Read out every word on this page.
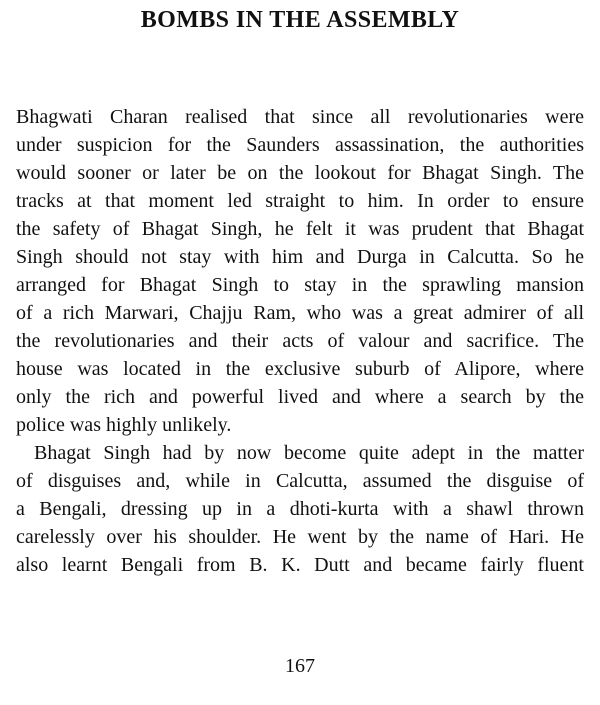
BOMBS IN THE ASSEMBLY
Bhagwati Charan realised that since all revolutionaries were
under suspicion for the Saunders assassination, the authorities
would sooner or later be on the lookout for Bhagat Singh. The
tracks at that moment led straight to him. In order to ensure
the safety of Bhagat Singh, he felt it was prudent that Bhagat
Singh should not stay with him and Durga in Calcutta. So he
arranged for Bhagat Singh to stay in the sprawling mansion
of a rich Marwari, Chajju Ram, who was a great admirer of all
the revolutionaries and their acts of valour and sacrifice. The
house was located in the exclusive suburb of Alipore, where
only the rich and powerful lived and where a search by the
police was highly unlikely.
Bhagat Singh had by now become quite adept in the matter
of disguises and, while in Calcutta, assumed the disguise of
a Bengali, dressing up in a dhoti-kurta with a shawl thrown
carelessly over his shoulder. He went by the name of Hari. He
also learnt Bengali from B. K. Dutt and became fairly fluent
167
